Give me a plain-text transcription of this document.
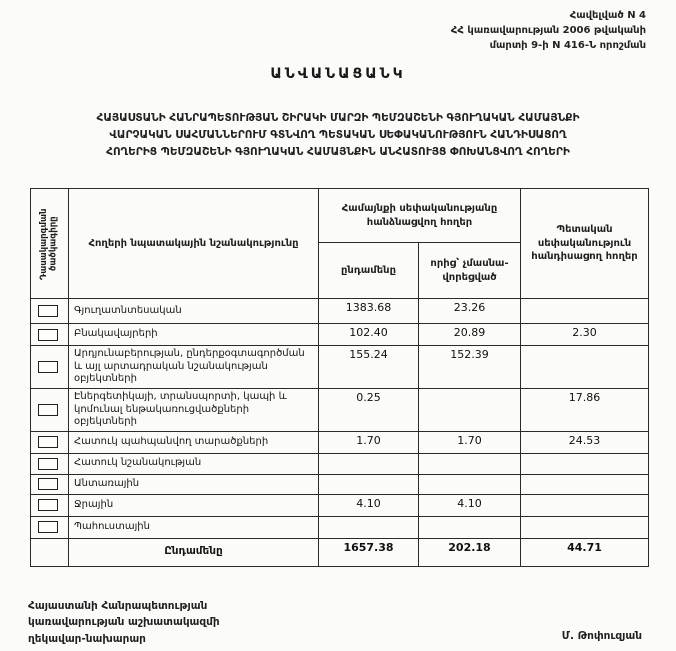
Հավելված N 4
ՀՀ կառավարության 2006 թվականի
մարտի 9-ի N 416-Ն որոշման
ԱՆՎԱՆԱՑԱՆԿ
ՀԱՅԱՍՏԱՆԻ ՀԱՆՐԱՊԵՏՈՒԹՅԱՆ ՇԻՐԱԿԻ ՄԱՐԶԻ ՊԵՄԶԱՇԵՆԻ ԳՅՈՒՂԱԿԱՆ ՀԱՄԱՅՆՔԻ
ՎԱՐՉԱԿԱՆ ՍԱՀՄԱՆՆԵՐՈՒՄ ԳՏՆՎՈՂ ՊԵՏԱԿԱՆ ՍԵՓԱԿԱՆՈՒԹՅՈՒՆ ՀԱՆԴԻՍԱՑՈՂ
ՀՈՂԵՐԻՑ ՊԵՄԶԱՇԵՆԻ ԳՅՈՒՂԱԿԱՆ ՀԱՄԱՅՆՔԻՆ ԱՆՀԱՏՈՒՅՑ ՓՈԽԱՆՑՎՈՂ ՀՈՂԵՐԻ
Դասակարգման ծածկագիրը	Հողերի նպատակային նշանակությունը	Համայնքի սեփականությանը հանձնացվող հողեր		Պետական սեփականություն հանդիսացող հողեր
		ընդամենը	որից՝ չմասնավորեցված	

	Գյուղատնտեսական	1383.68	23.26	

	Բնակավայրերի	102.40	20.89	2.30

	Արդյունաբերության, ընդերքօգտագործման և այլ արտադրական նշանակության օբյեկտների	155.24	152.39	

	Էներգետիկայի, տրանսպորտի, կապի և կոմունալ ենթակառուցվածքների օբյեկտների	0.25		17.86

	Հատուկ պահպանվող տարածքների	1.70	1.70	24.53

	Հատուկ նշանակության			

	Անտառային			

	Ջրային	4.10	4.10	

	Պահուստային			
	Ընդամենը	1657.38	202.18	44.71
Հայաստանի Հանրապետության
կառավարության աշխատակազմի
ղեկավար-նախարար	Մ. Թոփուզյան
